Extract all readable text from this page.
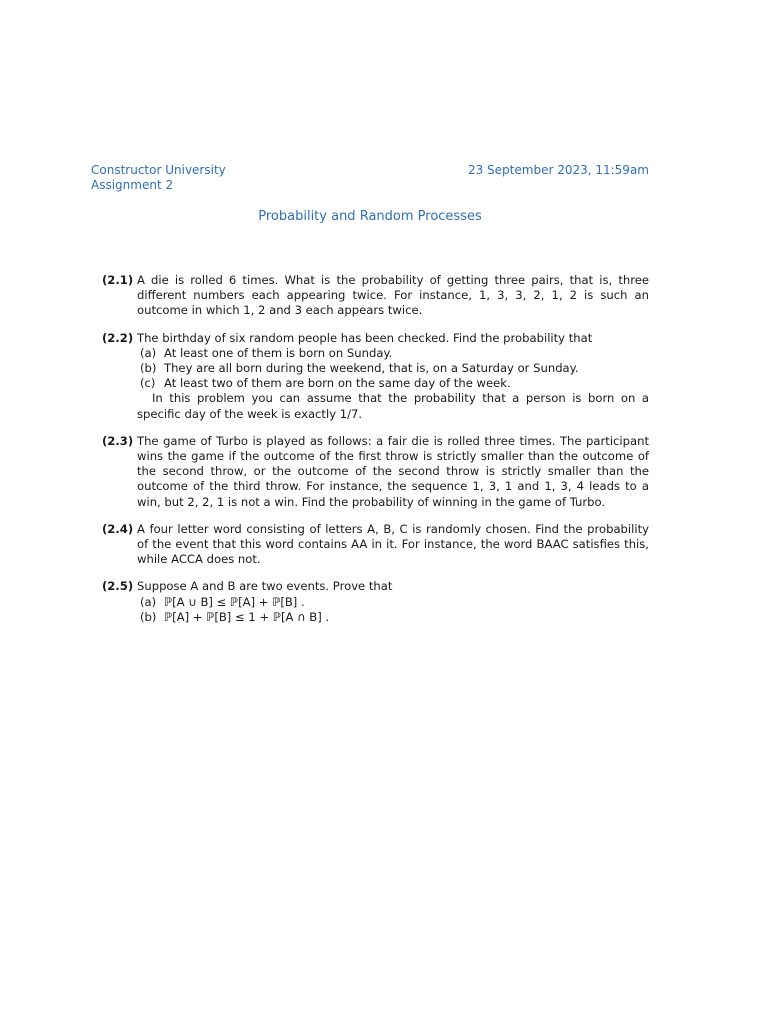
Constructor University
Assignment 2
23 September 2023, 11:59am
Probability and Random Processes
(2.1) A die is rolled 6 times. What is the probability of getting three pairs, that is, three different numbers each appearing twice. For instance, 1, 3, 3, 2, 1, 2 is such an outcome in which 1, 2 and 3 each appears twice.
(2.2) The birthday of six random people has been checked. Find the probability that

(a) At least one of them is born on Sunday.
(b) They are all born during the weekend, that is, on a Saturday or Sunday.
(c) At least two of them are born on the same day of the week.

In this problem you can assume that the probability that a person is born on a specific day of the week is exactly 1/7.

(2.3) The game of Turbo is played as follows: a fair die is rolled three times. The participant wins the game if the outcome of the first throw is strictly smaller than the outcome of the second throw, or the outcome of the second throw is strictly smaller than the outcome of the third throw. For instance, the sequence 1, 3, 1 and 1, 3, 4 leads to a win, but 2, 2, 1 is not a win. Find the probability of winning in the game of Turbo.
(2.4) A four letter word consisting of letters A, B, C is randomly chosen. Find the probability of the event that this word contains AA in it. For instance, the word BAAC satisfies this, while ACCA does not.
(2.5) Suppose A and B are two events. Prove that

(a) ℙ[A ∪ B] ≤ ℙ[A] + ℙ[B] .
(b) ℙ[A] + ℙ[B] ≤ 1 + ℙ[A ∩ B] .
